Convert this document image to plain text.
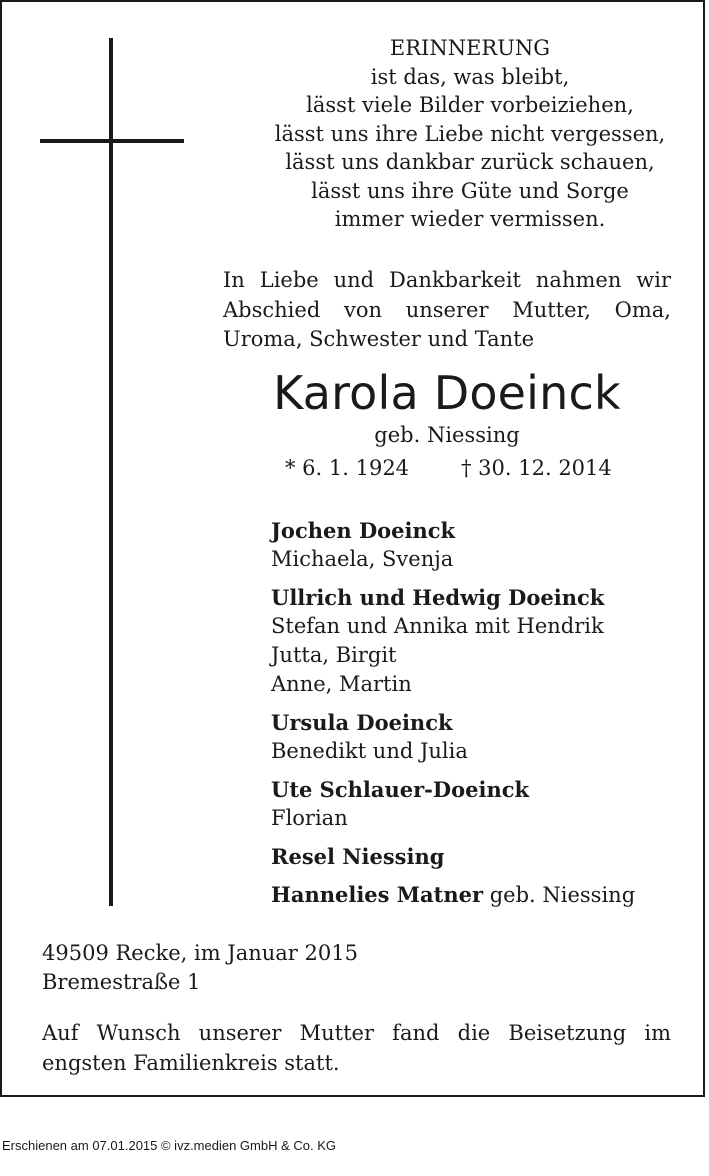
ERINNERUNG
ist das, was bleibt,
lässt viele Bilder vorbeiziehen,
lässt uns ihre Liebe nicht vergessen,
lässt uns dankbar zurück schauen,
lässt uns ihre Güte und Sorge
immer wieder vermissen.
In Liebe und Dankbarkeit nahmen wir
Abschied von unserer Mutter, Oma,
Uroma, Schwester und Tante
Karola Doeinck
geb. Niessing
* 6. 1. 1924 † 30. 12. 2014
Jochen Doeinck
Michaela, Svenja
Ullrich und Hedwig Doeinck
Stefan und Annika mit Hendrik
Jutta, Birgit
Anne, Martin
Ursula Doeinck
Benedikt und Julia
Ute Schlauer-Doeinck
Florian
Resel Niessing
Hannelies Matner geb. Niessing
49509 Recke, im Januar 2015
Bremestraße 1
Auf Wunsch unserer Mutter fand die Beisetzung im
engsten Familienkreis statt.
Erschienen am 07.01.2015 © ivz.medien GmbH & Co. KG
